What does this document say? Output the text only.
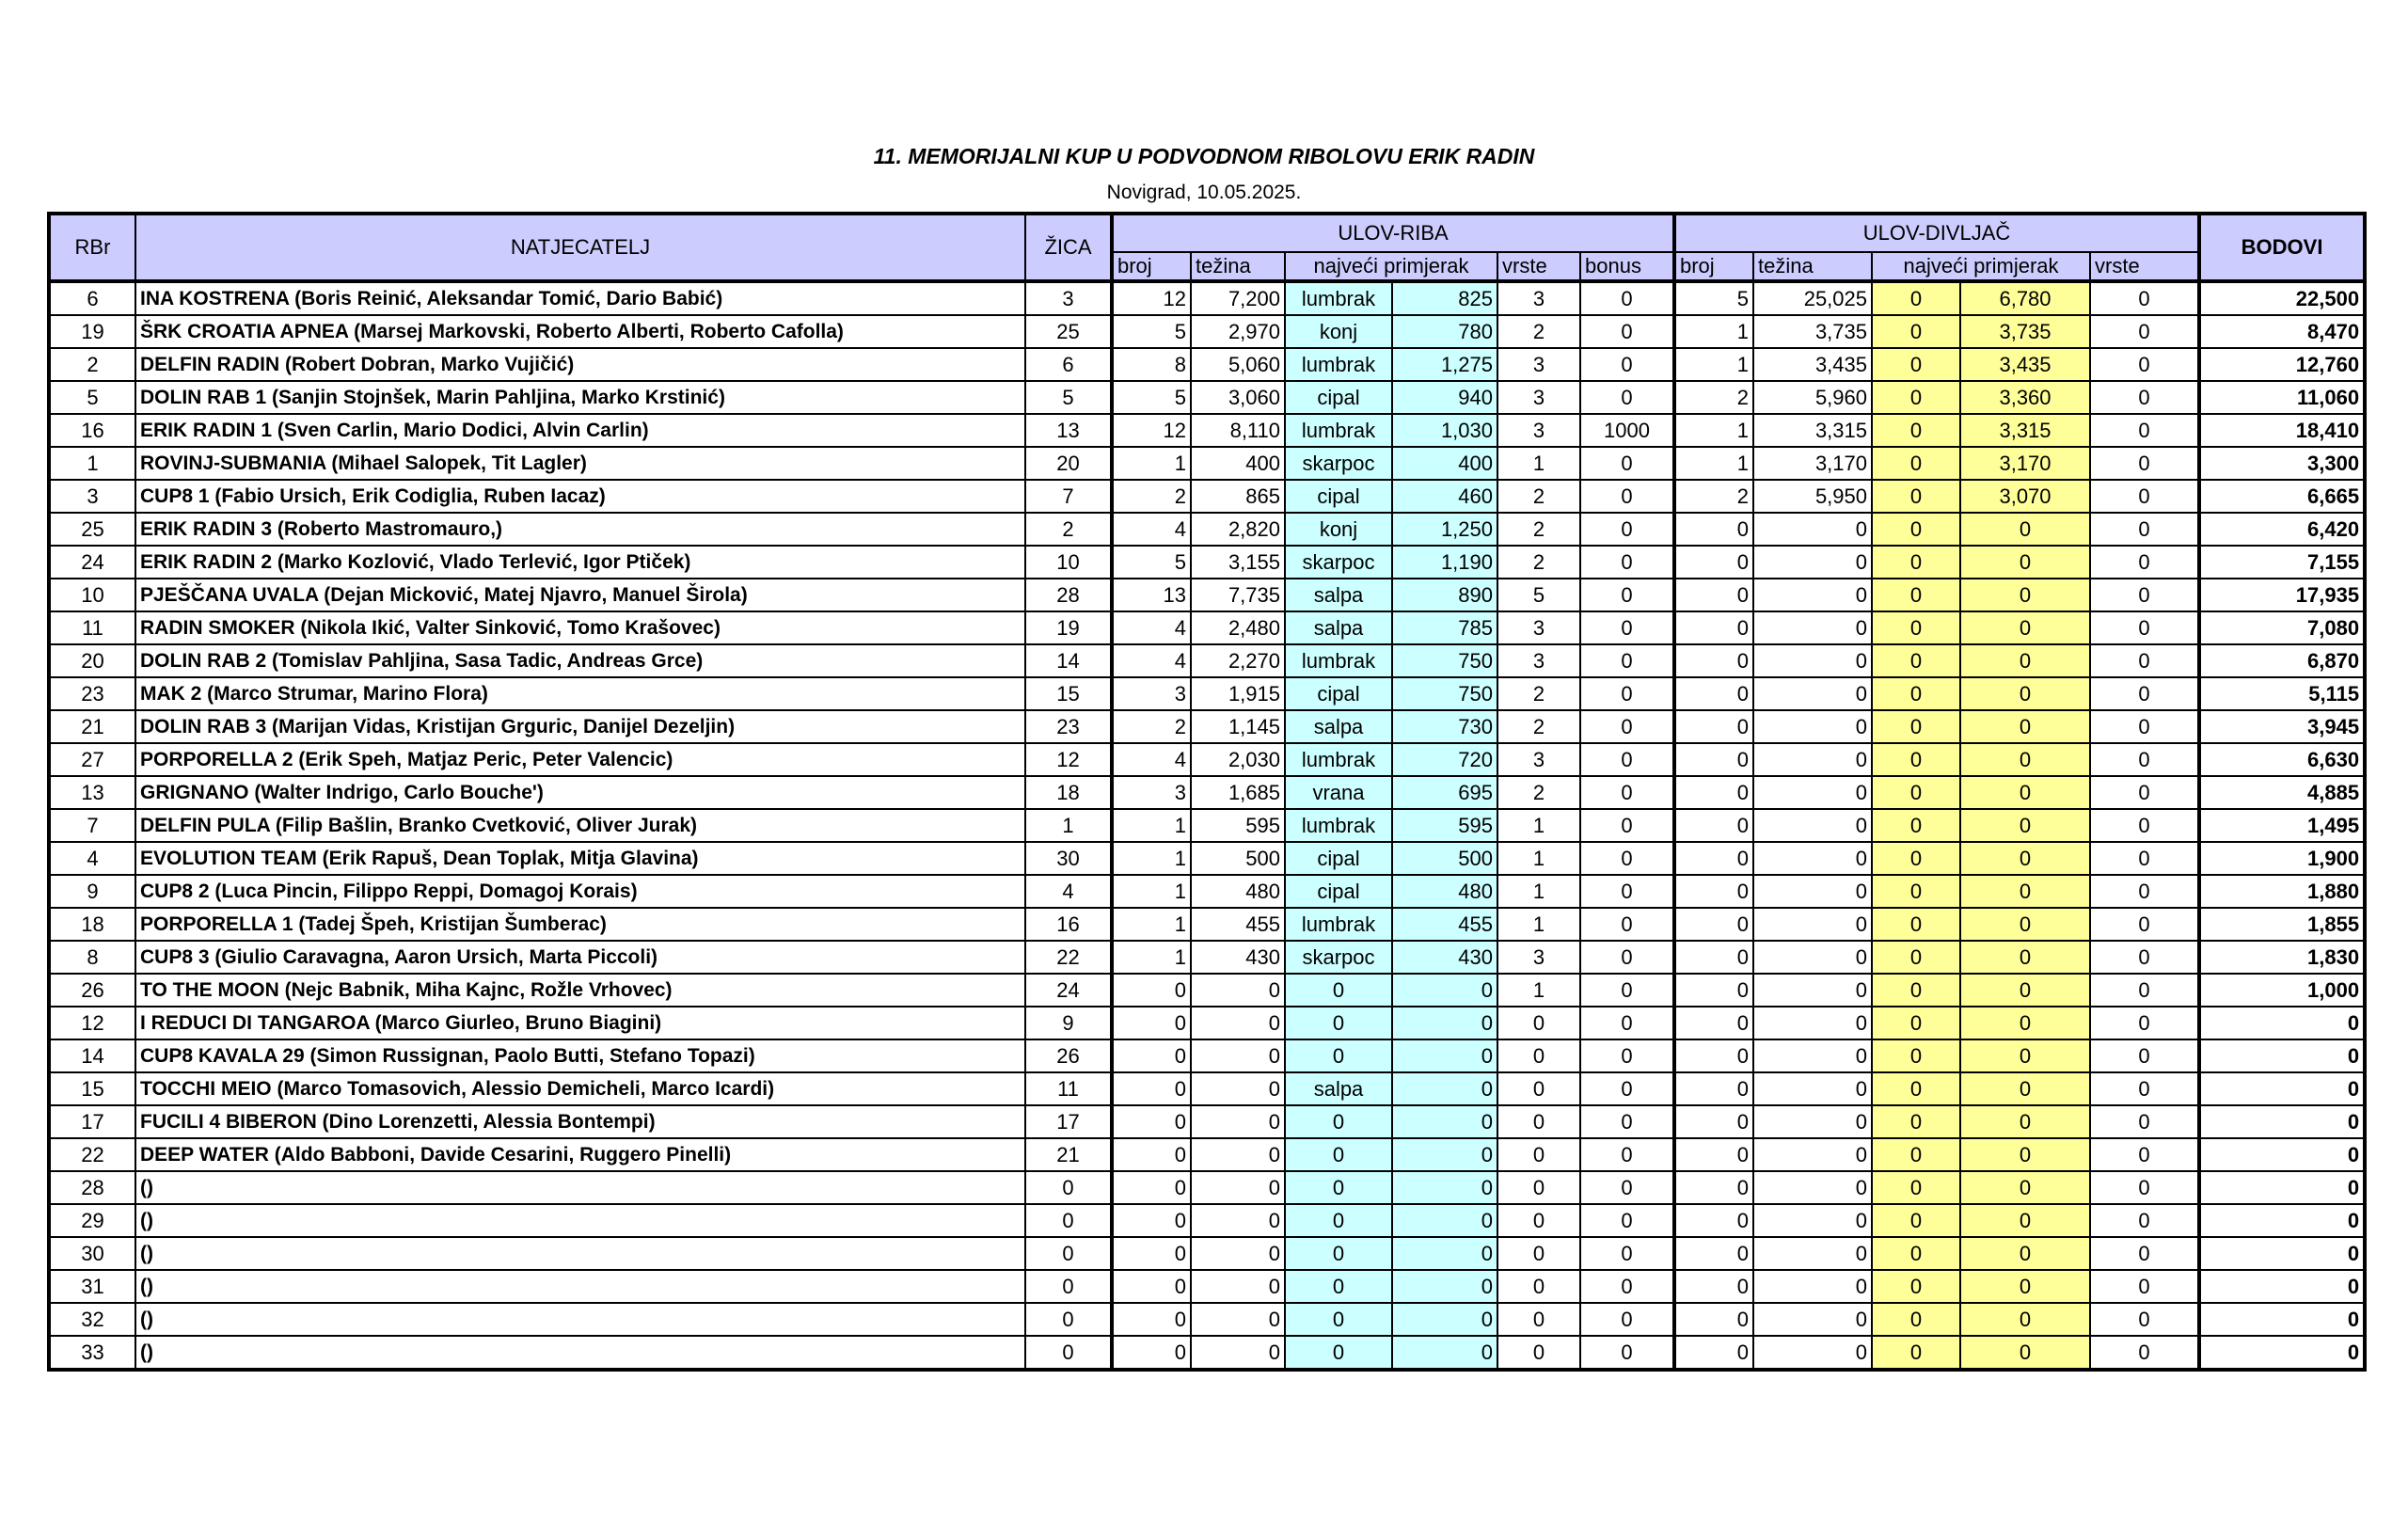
11. MEMORIJALNI KUP U PODVODNOM RIBOLOVU ERIK RADIN
Novigrad, 10.05.2025.
RBr	NATJECATELJ	ŽICA	ULOV-RIBA						ULOV-DIVLJAČ					BODOVI
			broj	težina	najveći primjerak		vrste	bonus	broj	težina	najveći primjerak		vrste	
6	INA KOSTRENA (Boris Reinić, Aleksandar Tomić, Dario Babić)	3	12	7,200	lumbrak	825	3	0	5	25,025	0	6,780	0	22,500
19	ŠRK CROATIA APNEA (Marsej Markovski, Roberto Alberti, Roberto Cafolla)	25	5	2,970	konj	780	2	0	1	3,735	0	3,735	0	8,470
2	DELFIN RADIN (Robert Dobran, Marko Vujičić)	6	8	5,060	lumbrak	1,275	3	0	1	3,435	0	3,435	0	12,760
5	DOLIN RAB 1 (Sanjin Stojnšek, Marin Pahljina, Marko Krstinić)	5	5	3,060	cipal	940	3	0	2	5,960	0	3,360	0	11,060
16	ERIK RADIN 1 (Sven Carlin, Mario Dodici, Alvin Carlin)	13	12	8,110	lumbrak	1,030	3	1000	1	3,315	0	3,315	0	18,410
1	ROVINJ-SUBMANIA (Mihael Salopek, Tit Lagler)	20	1	400	skarpoc	400	1	0	1	3,170	0	3,170	0	3,300
3	CUP8 1 (Fabio Ursich, Erik Codiglia, Ruben Iacaz)	7	2	865	cipal	460	2	0	2	5,950	0	3,070	0	6,665
25	ERIK RADIN 3 (Roberto Mastromauro,)	2	4	2,820	konj	1,250	2	0	0	0	0	0	0	6,420
24	ERIK RADIN 2 (Marko Kozlović, Vlado Terlević, Igor Ptiček)	10	5	3,155	skarpoc	1,190	2	0	0	0	0	0	0	7,155
10	PJEŠČANA UVALA (Dejan Micković, Matej Njavro, Manuel Širola)	28	13	7,735	salpa	890	5	0	0	0	0	0	0	17,935
11	RADIN SMOKER (Nikola Ikić, Valter Sinković, Tomo Krašovec)	19	4	2,480	salpa	785	3	0	0	0	0	0	0	7,080
20	DOLIN RAB 2 (Tomislav Pahljina, Sasa Tadic, Andreas Grce)	14	4	2,270	lumbrak	750	3	0	0	0	0	0	0	6,870
23	MAK 2 (Marco Strumar, Marino Flora)	15	3	1,915	cipal	750	2	0	0	0	0	0	0	5,115
21	DOLIN RAB 3 (Marijan Vidas, Kristijan Grguric, Danijel Dezeljin)	23	2	1,145	salpa	730	2	0	0	0	0	0	0	3,945
27	PORPORELLA 2 (Erik Speh, Matjaz Peric, Peter Valencic)	12	4	2,030	lumbrak	720	3	0	0	0	0	0	0	6,630
13	GRIGNANO (Walter Indrigo, Carlo Bouche')	18	3	1,685	vrana	695	2	0	0	0	0	0	0	4,885
7	DELFIN PULA (Filip Bašlin, Branko Cvetković, Oliver Jurak)	1	1	595	lumbrak	595	1	0	0	0	0	0	0	1,495
4	EVOLUTION TEAM (Erik Rapuš, Dean Toplak, Mitja Glavina)	30	1	500	cipal	500	1	0	0	0	0	0	0	1,900
9	CUP8 2 (Luca Pincin, Filippo Reppi, Domagoj Korais)	4	1	480	cipal	480	1	0	0	0	0	0	0	1,880
18	PORPORELLA 1 (Tadej Špeh, Kristijan Šumberac)	16	1	455	lumbrak	455	1	0	0	0	0	0	0	1,855
8	CUP8 3 (Giulio Caravagna, Aaron Ursich, Marta Piccoli)	22	1	430	skarpoc	430	3	0	0	0	0	0	0	1,830
26	TO THE MOON (Nejc Babnik, Miha Kajnc, Rožle Vrhovec)	24	0	0	0	0	1	0	0	0	0	0	0	1,000
12	I REDUCI DI TANGAROA (Marco Giurleo, Bruno Biagini)	9	0	0	0	0	0	0	0	0	0	0	0	0
14	CUP8 KAVALA 29 (Simon Russignan, Paolo Butti, Stefano Topazi)	26	0	0	0	0	0	0	0	0	0	0	0	0
15	TOCCHI MEIO (Marco Tomasovich, Alessio Demicheli, Marco Icardi)	11	0	0	salpa	0	0	0	0	0	0	0	0	0
17	FUCILI 4 BIBERON (Dino Lorenzetti, Alessia Bontempi)	17	0	0	0	0	0	0	0	0	0	0	0	0
22	DEEP WATER (Aldo Babboni, Davide Cesarini, Ruggero Pinelli)	21	0	0	0	0	0	0	0	0	0	0	0	0
28	()	0	0	0	0	0	0	0	0	0	0	0	0	0
29	()	0	0	0	0	0	0	0	0	0	0	0	0	0
30	()	0	0	0	0	0	0	0	0	0	0	0	0	0
31	()	0	0	0	0	0	0	0	0	0	0	0	0	0
32	()	0	0	0	0	0	0	0	0	0	0	0	0	0
33	()	0	0	0	0	0	0	0	0	0	0	0	0	0
